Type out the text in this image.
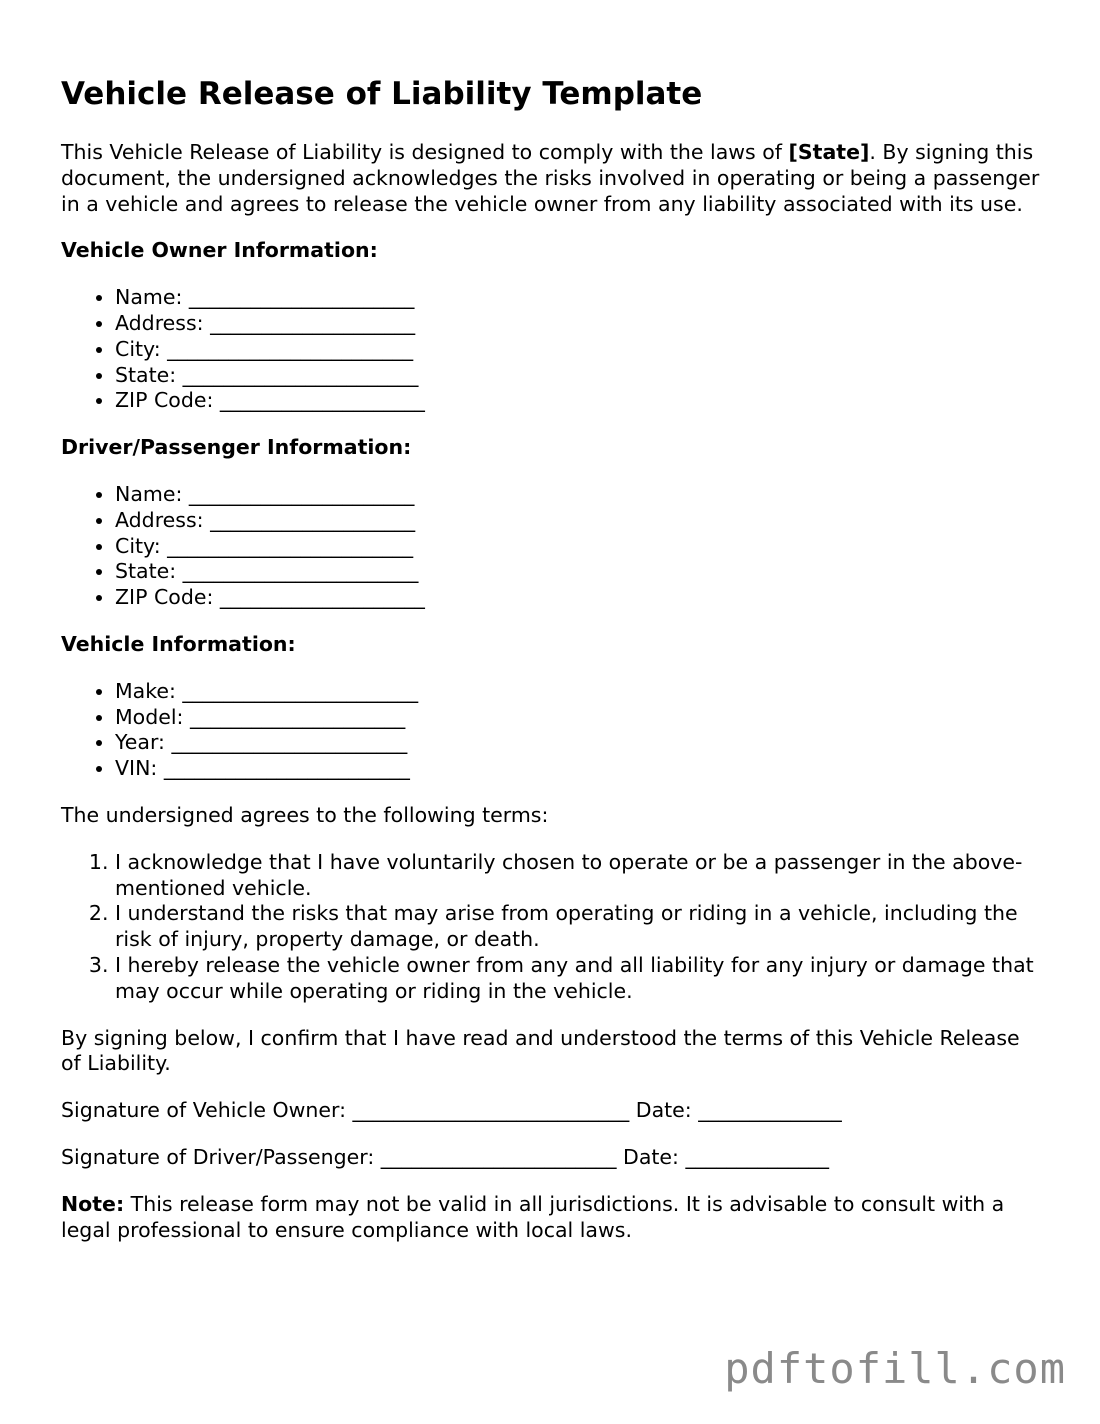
Vehicle Release of Liability Template

This Vehicle Release of Liability is designed to comply with the laws of [State]. By signing this document, the undersigned acknowledges the risks involved in operating or being a passenger in a vehicle and agrees to release the vehicle owner from any liability associated with its use.

Vehicle Owner Information:
• Name: ______________________
• Address: ____________________
• City: ________________________
• State: _______________________
• ZIP Code: ____________________
Driver/Passenger Information:
• Name: ______________________
• Address: ____________________
• City: ________________________
• State: _______________________
• ZIP Code: ____________________
Vehicle Information:
• Make: _______________________
• Model: _____________________
• Year: _______________________
• VIN: ________________________

The undersigned agrees to the following terms:

1. I acknowledge that I have voluntarily chosen to operate or be a passenger in the above-mentioned vehicle.
2. I understand the risks that may arise from operating or riding in a vehicle, including the risk of injury, property damage, or death.
3. I hereby release the vehicle owner from any and all liability for any injury or damage that may occur while operating or riding in the vehicle.

By signing below, I confirm that I have read and understood the terms of this Vehicle Release of Liability.

Signature of Vehicle Owner: ___________________________ Date: ______________

Signature of Driver/Passenger: _______________________ Date: ______________

Note: This release form may not be valid in all jurisdictions. It is advisable to consult with a legal professional to ensure compliance with local laws.

pdftofill.com
